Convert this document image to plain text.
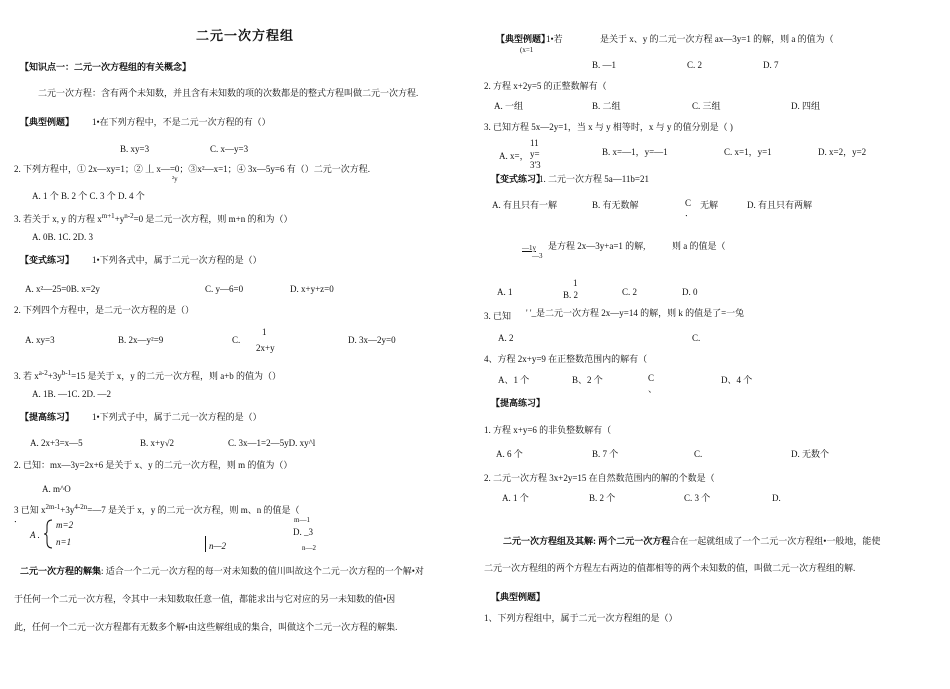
二元一次方程组
【知识点一：二元一次方程组的有关概念】
二元一次方程：含有两个未知数，并且含有未知数的项的次数都是的整式方程叫做二元一次方程.
【典型例题】 1•在下列方程中，不是二元一次方程的有（）
B. xy=3	C. x—y=3
2. 下列方程中，① 2x—xy=1；② 丄 x—=0；③x²—x=1；④ 3x—5y=6 有（）二元一次方程.
²y
A. 1 个 B. 2 个 C. 3 个 D. 4 个
3. 若关于 x, y 的方程 $x^{m+1}+y^{n-2}=0$ 是二元一次方程，则 m+n 的和为（）
A. 0B. 1C. 2D. 3
【变式练习】 1•下列各式中，属于二元一次方程的是（）
A. x²—25=0B. x=2y	C. y—6=0	D. x+y+z=0
2. 下列四个方程中，是二元一次方程的是（）
A. xy=3	B. 2x—y²=9	C.
1
2x+y
D. 3x—2y=0
3. 若 $x^{a-2}+3y^{b-1}=15$ 是关于 x，y 的二元一次方程，则 a+b 的值为（）
A. 1B. —1C. 2D. —2
【提高练习】 1•下列式子中，属于二元一次方程的是（）
A. 2x+3=x—5	B. x+y√2	C. 3x—1=2—5yD. xy^l
2. 已知：mx—3y=2x+6 是关于 x、y 的二元一次方程，则 m 的值为（）
A. m^O
3 已知 $x^{2m-1}+3y^{4-2n}=—7$ 是关于 x，y 的二元一次方程，则 m、n 的值是（
．
A .
m=2
n=1	n—2
m—1
D. _3
n—2
二元一次方程的解集: 适合一个二元一次方程的每一对未知数的值川叫故这个二元一次方程的一个解•对
于任何一个二元一次方程，令其中一未知数取任意一值，都能求出与它对应的另一未知数的值•因
此，任何一个二元一次方程都有无数多个解•由这些解组成的集合，叫做这个二元一次方程的解集.
【典型例题】
1•若
(x=1
是关于 x、y 的二元一次方程 ax—3y=1 的解，则 a 的值为（
B. —1	C. 2	D. 7
2. 方程 x+2y=5 的正整数解有（
A. 一组	B. 二组	C. 三组	D. 四组
3. 已知方程 5x—2y=1，当 x 与 y 相等时，x 与 y 的值分别是（ )
A. x=，
11
y=
3'3
B. x=—1，y=—1	C. x=1，y=1	D. x=2，y=2
【变式练习】
1. 二元一次方程 5a—11b=21
A. 有且只有一解	B. 有无数解	C
．
无解	D. 有且只有两解
—1y
—3
是方程 2x—3y+a=1 的解,	则 a 的值是（
A. 1
1
B. 2	C. 2	D. 0
3. 已知 ' '_是二元一次方程 2x—y=14 的解，则 k 的值是了=一兔
A. 2	C.
4、方程 2x+y=9 在正整数范围内的解有（
A、1 个	B、2 个	C
、
D、4 个
【提高练习】
1. 方程 x+y=6 的非负整数解有（
A. 6 个	B. 7 个	C.	D. 无数个
2. 二元一次方程 3x+2y=15 在自然数范围内的解的个数是（
A. 1 个	B. 2 个	C. 3 个	D.
二元一次方程组及其解: 两个二元一次方程合在一起就组成了一个二元一次方程组•一般地，能使
二元一次方程组的两个方程左右两边的值都相等的两个未知数的值，叫做二元一次方程组的解.
【典型例题】
1、下列方程组中，属于二元一次方程组的是（）
